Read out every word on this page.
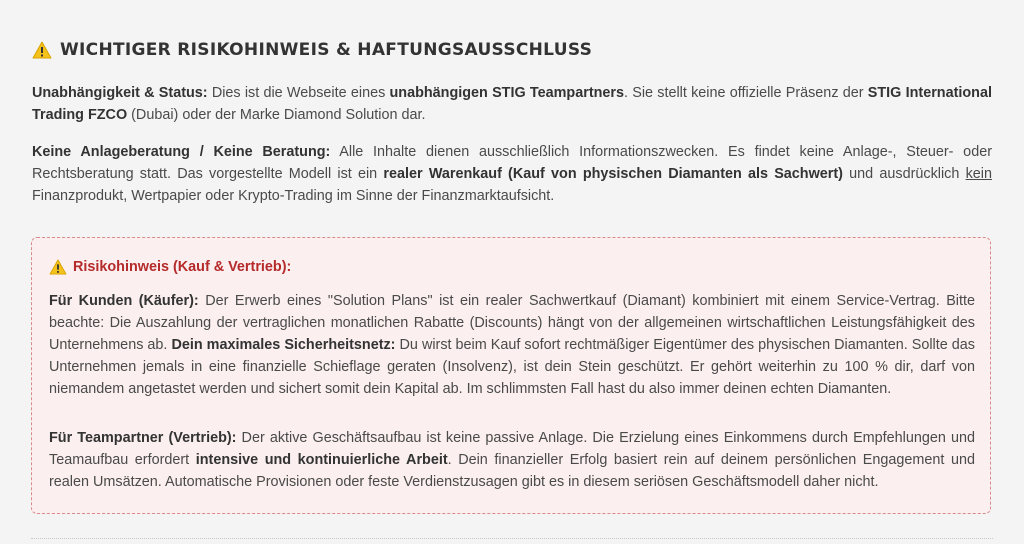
WICHTIGER RISIKOHINWEIS & HAFTUNGSAUSSCHLUSS

Unabhängigkeit & Status: Dies ist die Webseite eines unabhängigen STIG Teampartners. Sie stellt keine offizielle Präsenz der STIG International Trading FZCO (Dubai) oder der Marke Diamond Solution dar.

Keine Anlageberatung / Keine Beratung: Alle Inhalte dienen ausschließlich Informationszwecken. Es findet keine Anlage-, Steuer- oder Rechtsberatung statt. Das vorgestellte Modell ist ein realer Warenkauf (Kauf von physischen Diamanten als Sachwert) und ausdrücklich kein Finanzprodukt, Wertpapier oder Krypto-Trading im Sinne der Finanzmarktaufsicht.

Risikohinweis (Kauf & Vertrieb):

Für Kunden (Käufer): Der Erwerb eines "Solution Plans" ist ein realer Sachwertkauf (Diamant) kombiniert mit einem Service-Vertrag. Bitte beachte: Die Auszahlung der vertraglichen monatlichen Rabatte (Discounts) hängt von der allgemeinen wirtschaftlichen Leistungsfähigkeit des Unternehmens ab. Dein maximales Sicherheitsnetz: Du wirst beim Kauf sofort rechtmäßiger Eigentümer des physischen Diamanten. Sollte das Unternehmen jemals in eine finanzielle Schieflage geraten (Insolvenz), ist dein Stein geschützt. Er gehört weiterhin zu 100 % dir, darf von niemandem angetastet werden und sichert somit dein Kapital ab. Im schlimmsten Fall hast du also immer deinen echten Diamanten.

Für Teampartner (Vertrieb): Der aktive Geschäftsaufbau ist keine passive Anlage. Die Erzielung eines Einkommens durch Empfehlungen und Teamaufbau erfordert intensive und kontinuierliche Arbeit. Dein finanzieller Erfolg basiert rein auf deinem persönlichen Engagement und realen Umsätzen. Automatische Provisionen oder feste Verdienstzusagen gibt es in diesem seriösen Geschäftsmodell daher nicht.
